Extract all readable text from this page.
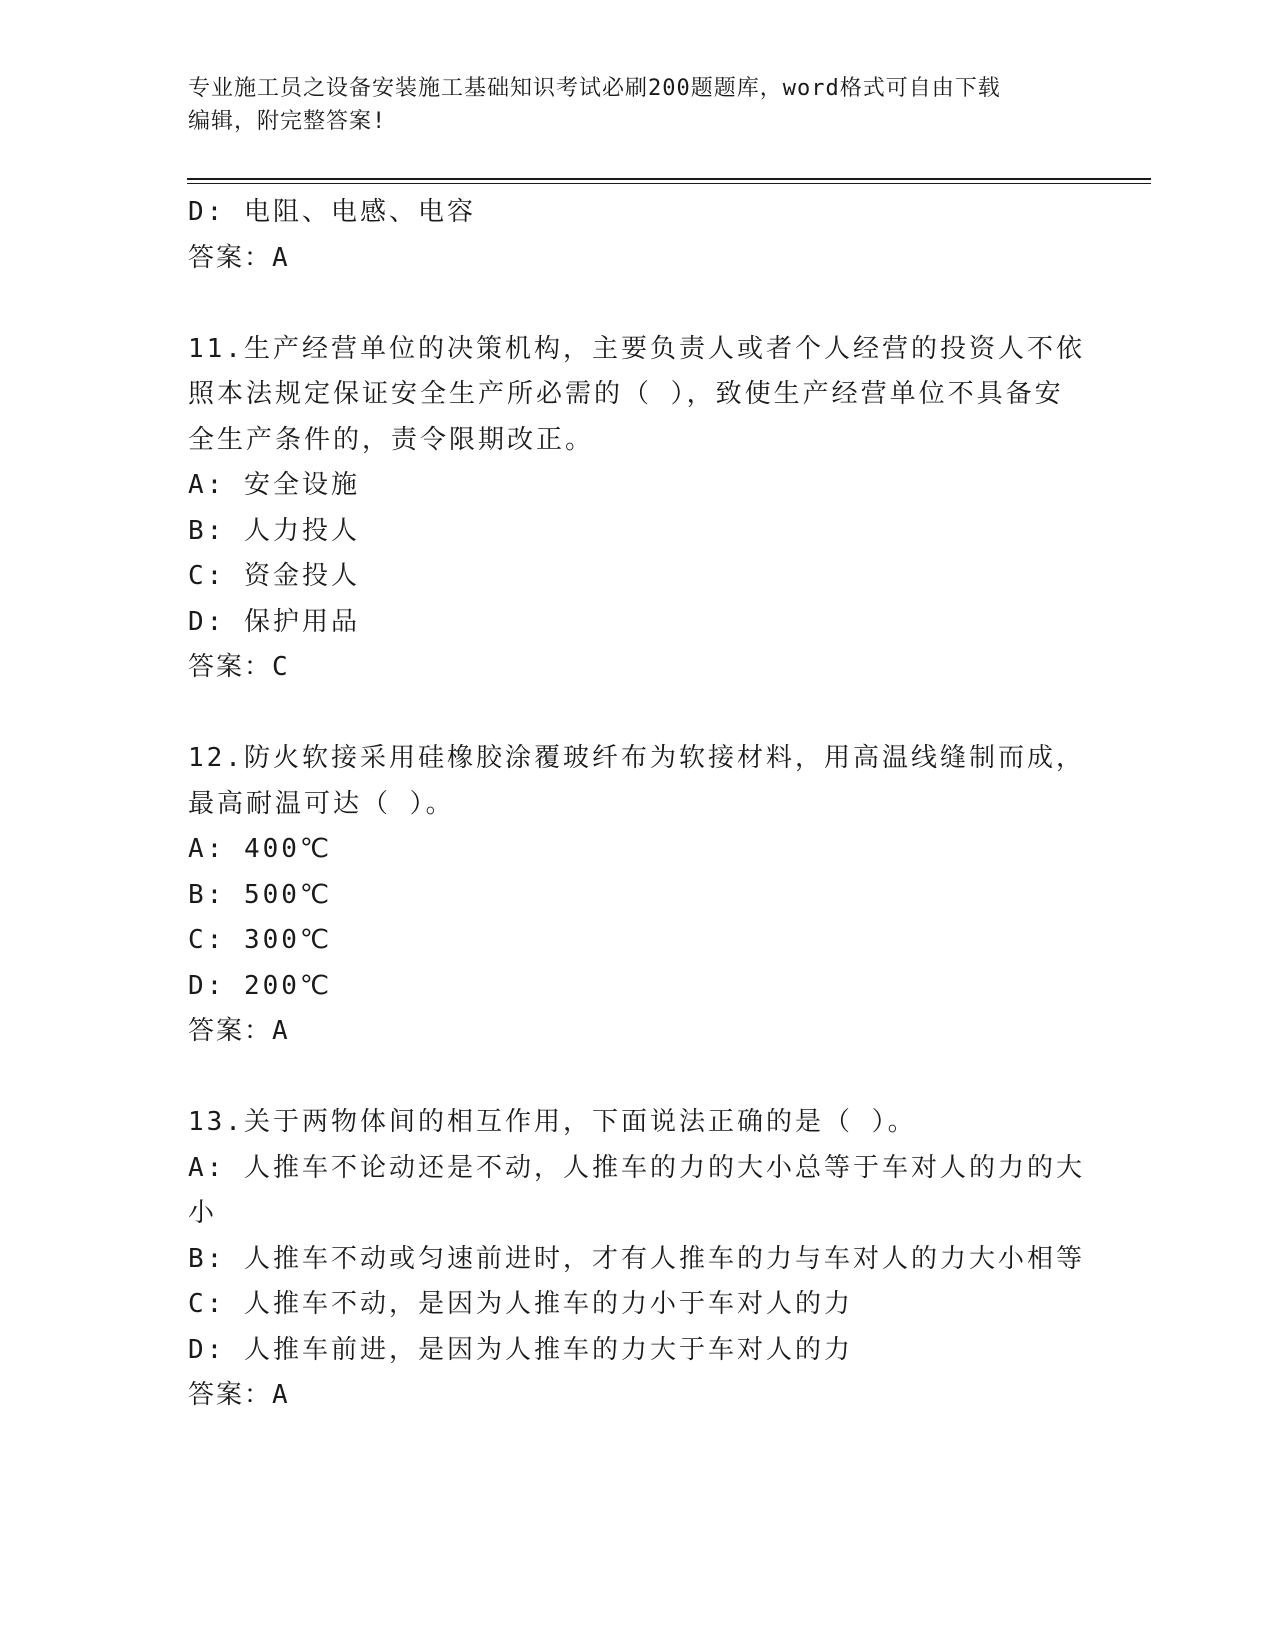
专业施工员之设备安装施工基础知识考试必刷200题题库，word格式可自由下载
编辑，附完整答案!
D: 电阻、电感、电容
答案：A
11.生产经营单位的决策机构，主要负责人或者个人经营的投资人不依
照本法规定保证安全生产所必需的（ ），致使生产经营单位不具备安
全生产条件的，责令限期改正。
A: 安全设施
B: 人力投人
C: 资金投人
D: 保护用品
答案：C
12.防火软接采用硅橡胶涂覆玻纤布为软接材料，用高温线缝制而成，
最高耐温可达（ ）。
A: 400℃
B: 500℃
C: 300℃
D: 200℃
答案：A
13.关于两物体间的相互作用，下面说法正确的是（ ）。
A: 人推车不论动还是不动，人推车的力的大小总等于车对人的力的大
小
B: 人推车不动或匀速前进时，才有人推车的力与车对人的力大小相等
C: 人推车不动，是因为人推车的力小于车对人的力
D: 人推车前进，是因为人推车的力大于车对人的力
答案：A
